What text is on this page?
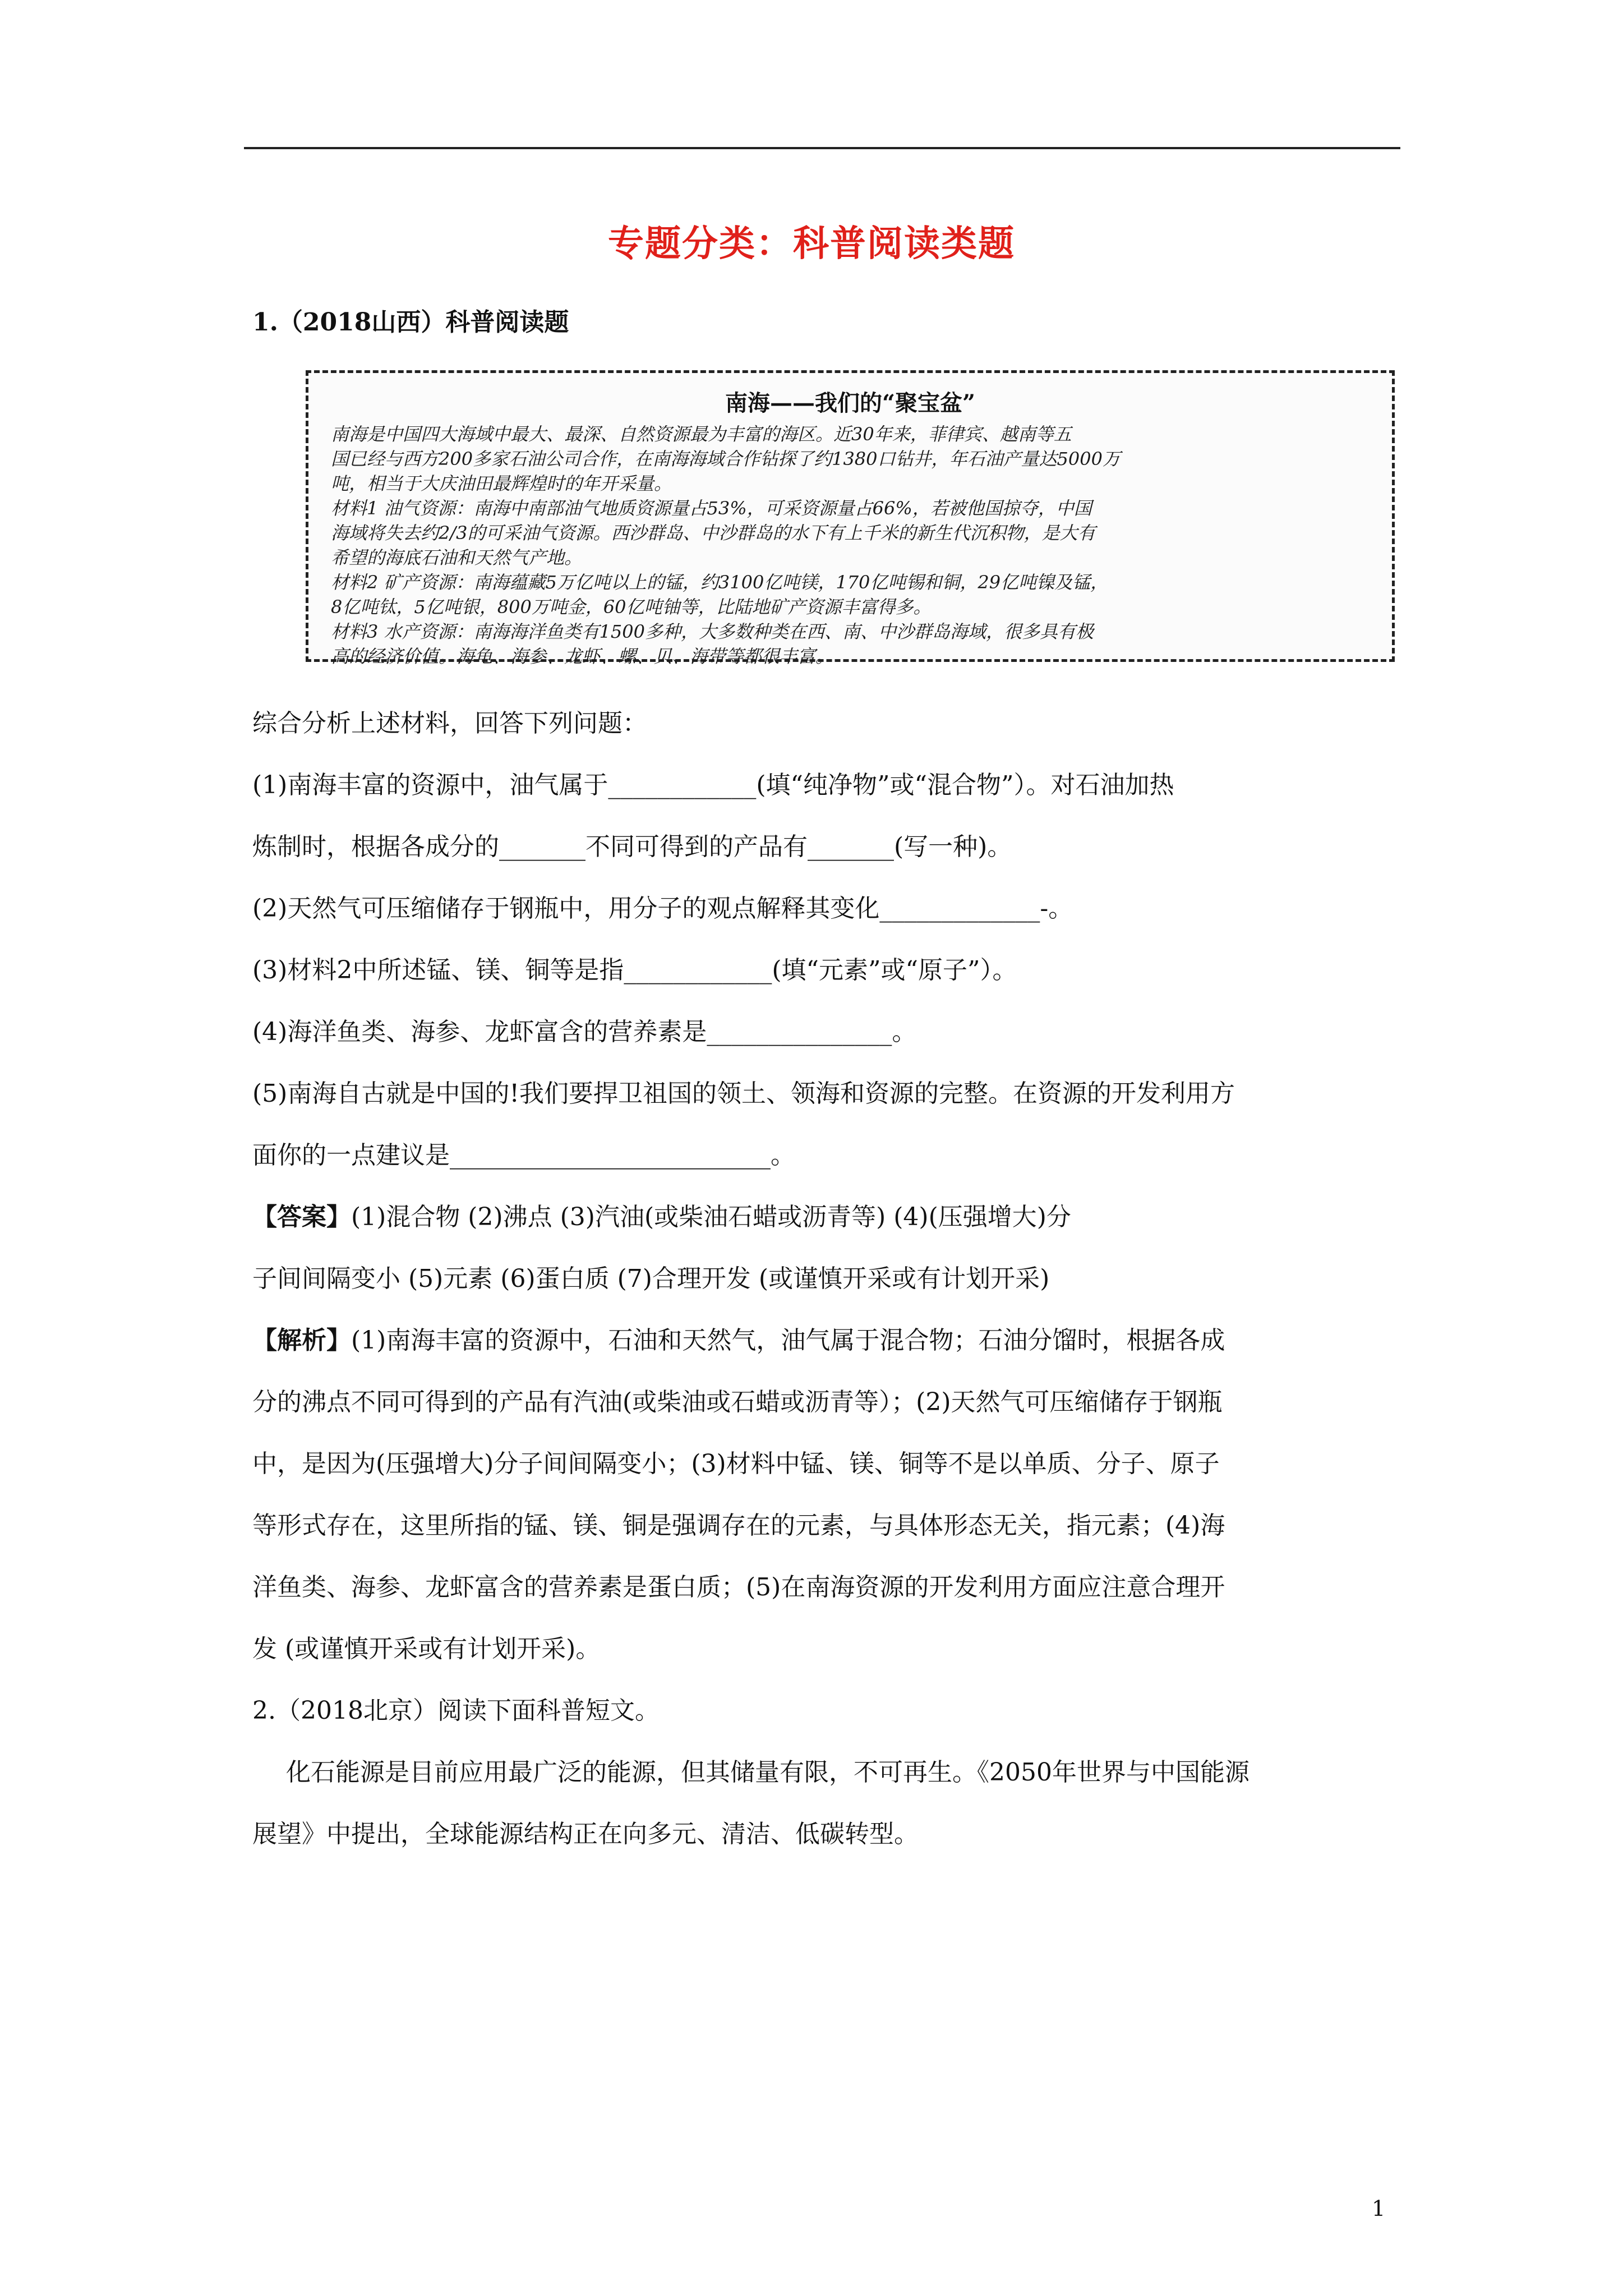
专题分类：科普阅读类题
1.（2018山西）科普阅读题
南海——我们的“聚宝盆”
南海是中国四大海域中最大、最深、自然资源最为丰富的海区。近30年来，菲律宾、越南等五
国已经与西方200多家石油公司合作，在南海海域合作钻探了约1380口钻井，年石油产量达5000万
吨，相当于大庆油田最辉煌时的年开采量。
材料1 油气资源：南海中南部油气地质资源量占53%，可采资源量占66%，若被他国掠夺，中国
海域将失去约2/3的可采油气资源。西沙群岛、中沙群岛的水下有上千米的新生代沉积物，是大有
希望的海底石油和天然气产地。
材料2 矿产资源：南海蕴藏5万亿吨以上的锰，约3100亿吨镁，170亿吨锡和铜，29亿吨镍及锰，
8亿吨钛，5亿吨银，800万吨金，60亿吨铀等，比陆地矿产资源丰富得多。
材料3 水产资源：南海海洋鱼类有1500多种，大多数种类在西、南、中沙群岛海域，很多具有极
高的经济价值。海龟、海参、龙虾、螺、贝、海带等都很丰富。
综合分析上述材料，回答下列问题：
(1)南海丰富的资源中，油气属于____________(填“纯净物”或“混合物”）。对石油加热
炼制时，根据各成分的_______不同可得到的产品有_______(写一种)。
(2)天然气可压缩储存于钢瓶中，用分子的观点解释其变化_____________-。
(3)材料2中所述锰、镁、铜等是指____________(填“元素”或“原子”）。
(4)海洋鱼类、海参、龙虾富含的营养素是_______________。
(5)南海自古就是中国的!我们要捍卫祖国的领土、领海和资源的完整。在资源的开发利用方
面你的一点建议是__________________________。
【答案】(1)混合物 (2)沸点 (3)汽油(或柴油石蜡或沥青等) (4)(压强增大)分
子间间隔变小 (5)元素 (6)蛋白质 (7)合理开发 (或谨慎开采或有计划开采)
【解析】(1)南海丰富的资源中，石油和天然气，油气属于混合物；石油分馏时，根据各成
分的沸点不同可得到的产品有汽油(或柴油或石蜡或沥青等）；(2)天然气可压缩储存于钢瓶
中，是因为(压强增大)分子间间隔变小；(3)材料中锰、镁、铜等不是以单质、分子、原子
等形式存在，这里所指的锰、镁、铜是强调存在的元素，与具体形态无关，指元素；(4)海
洋鱼类、海参、龙虾富含的营养素是蛋白质；(5)在南海资源的开发利用方面应注意合理开
发 (或谨慎开采或有计划开采)。
2.（2018北京）阅读下面科普短文。
化石能源是目前应用最广泛的能源，但其储量有限，不可再生。《2050年世界与中国能源
展望》中提出，全球能源结构正在向多元、清洁、低碳转型。
1
